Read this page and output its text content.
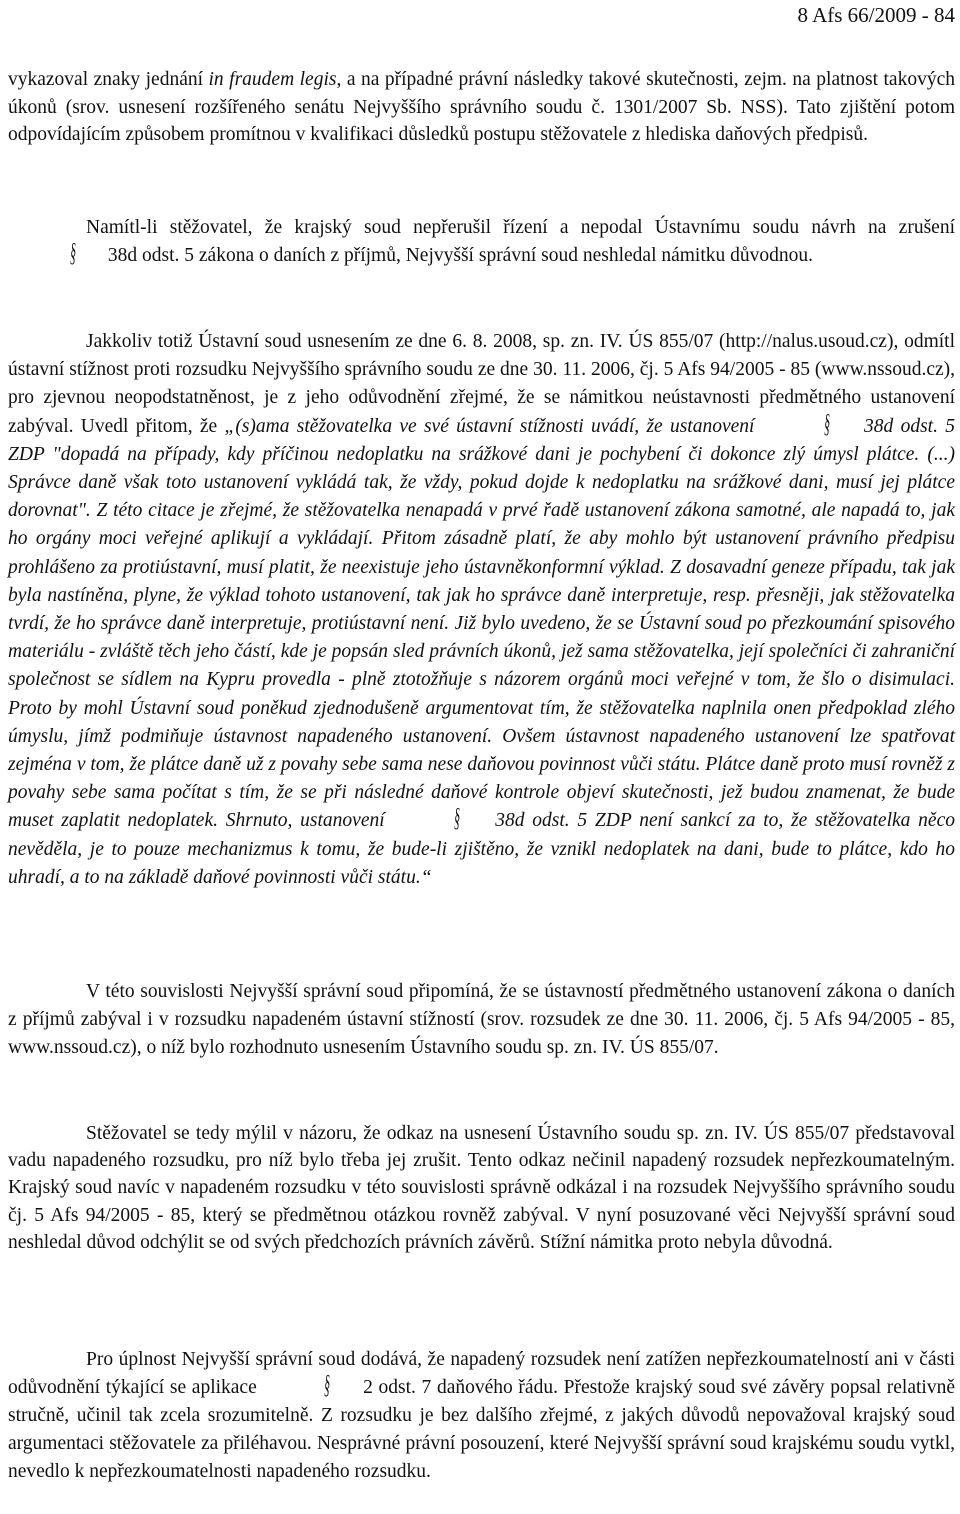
8 Afs 66/2009 - 84

vykazoval znaky jednání in fraudem legis, a na případné právní následky takové skutečnosti, zejm. na platnost takových úkonů (srov. usnesení rozšířeného senátu Nejvyššího správního soudu č. 1301/2007 Sb. NSS). Tato zjištění potom odpovídajícím způsobem promítnou v kvalifikaci důsledků postupu stěžovatele z hlediska daňových předpisů.

Namítl-li stěžovatel, že krajský soud nepřerušil řízení a nepodal Ústavnímu soudu návrh na zrušení § 38d odst. 5 zákona o daních z příjmů, Nejvyšší správní soud neshledal námitku důvodnou.

Jakkoliv totiž Ústavní soud usnesením ze dne 6. 8. 2008, sp. zn. IV. ÚS 855/07 (http://nalus.usoud.cz), odmítl ústavní stížnost proti rozsudku Nejvyššího správního soudu ze dne 30. 11. 2006, čj. 5 Afs 94/2005 - 85 (www.nssoud.cz), pro zjevnou neopodstatněnost, je z jeho odůvodnění zřejmé, že se námitkou neústavnosti předmětného ustanovení zabýval. Uvedl přitom, že „(s)ama stěžovatelka ve své ústavní stížnosti uvádí, že ustanovení § 38d odst. 5 ZDP "dopadá na případy, kdy příčinou nedoplatku na srážkové dani je pochybení či dokonce zlý úmysl plátce. (...) Správce daně však toto ustanovení vykládá tak, že vždy, pokud dojde k nedoplatku na srážkové dani, musí jej plátce dorovnat". Z této citace je zřejmé, že stěžovatelka nenapadá v prvé řadě ustanovení zákona samotné, ale napadá to, jak ho orgány moci veřejné aplikují a vykládají. Přitom zásadně platí, že aby mohlo být ustanovení právního předpisu prohlášeno za protiústavní, musí platit, že neexistuje jeho ústavněkonformní výklad. Z dosavadní geneze případu, tak jak byla nastíněna, plyne, že výklad tohoto ustanovení, tak jak ho správce daně interpretuje, resp. přesněji, jak stěžovatelka tvrdí, že ho správce daně interpretuje, protiústavní není. Již bylo uvedeno, že se Ústavní soud po přezkoumání spisového materiálu - zvláště těch jeho částí, kde je popsán sled právních úkonů, jež sama stěžovatelka, její společníci či zahraniční společnost se sídlem na Kypru provedla - plně ztotožňuje s názorem orgánů moci veřejné v tom, že šlo o disimulaci. Proto by mohl Ústavní soud poněkud zjednodušeně argumentovat tím, že stěžovatelka naplnila onen předpoklad zlého úmyslu, jímž podmiňuje ústavnost napadeného ustanovení. Ovšem ústavnost napadeného ustanovení lze spatřovat zejména v tom, že plátce daně už z povahy sebe sama nese daňovou povinnost vůči státu. Plátce daně proto musí rovněž z povahy sebe sama počítat s tím, že se při následné daňové kontrole objeví skutečnosti, jež budou znamenat, že bude muset zaplatit nedoplatek. Shrnuto, ustanovení § 38d odst. 5 ZDP není sankcí za to, že stěžovatelka něco nevěděla, je to pouze mechanizmus k tomu, že bude-li zjištěno, že vznikl nedoplatek na dani, bude to plátce, kdo ho uhradí, a to na základě daňové povinnosti vůči státu.“

V této souvislosti Nejvyšší správní soud připomíná, že se ústavností předmětného ustanovení zákona o daních z příjmů zabýval i v rozsudku napadeném ústavní stížností (srov. rozsudek ze dne 30. 11. 2006, čj. 5 Afs 94/2005 - 85, www.nssoud.cz), o níž bylo rozhodnuto usnesením Ústavního soudu sp. zn. IV. ÚS 855/07.

Stěžovatel se tedy mýlil v názoru, že odkaz na usnesení Ústavního soudu sp. zn. IV. ÚS 855/07 představoval vadu napadeného rozsudku, pro níž bylo třeba jej zrušit. Tento odkaz nečinil napadený rozsudek nepřezkoumatelným. Krajský soud navíc v napadeném rozsudku v této souvislosti správně odkázal i na rozsudek Nejvyššího správního soudu čj. 5 Afs 94/2005 - 85, který se předmětnou otázkou rovněž zabýval. V nyní posuzované věci Nejvyšší správní soud neshledal důvod odchýlit se od svých předchozích právních závěrů. Stížní námitka proto nebyla důvodná.

Pro úplnost Nejvyšší správní soud dodává, že napadený rozsudek není zatížen nepřezkoumatelností ani v části odůvodnění týkající se aplikace § 2 odst. 7 daňového řádu. Přestože krajský soud své závěry popsal relativně stručně, učinil tak zcela srozumitelně. Z rozsudku je bez dalšího zřejmé, z jakých důvodů nepovažoval krajský soud argumentaci stěžovatele za přiléhavou. Nesprávné právní posouzení, které Nejvyšší správní soud krajskému soudu vytkl, nevedlo k nepřezkoumatelnosti napadeného rozsudku.
